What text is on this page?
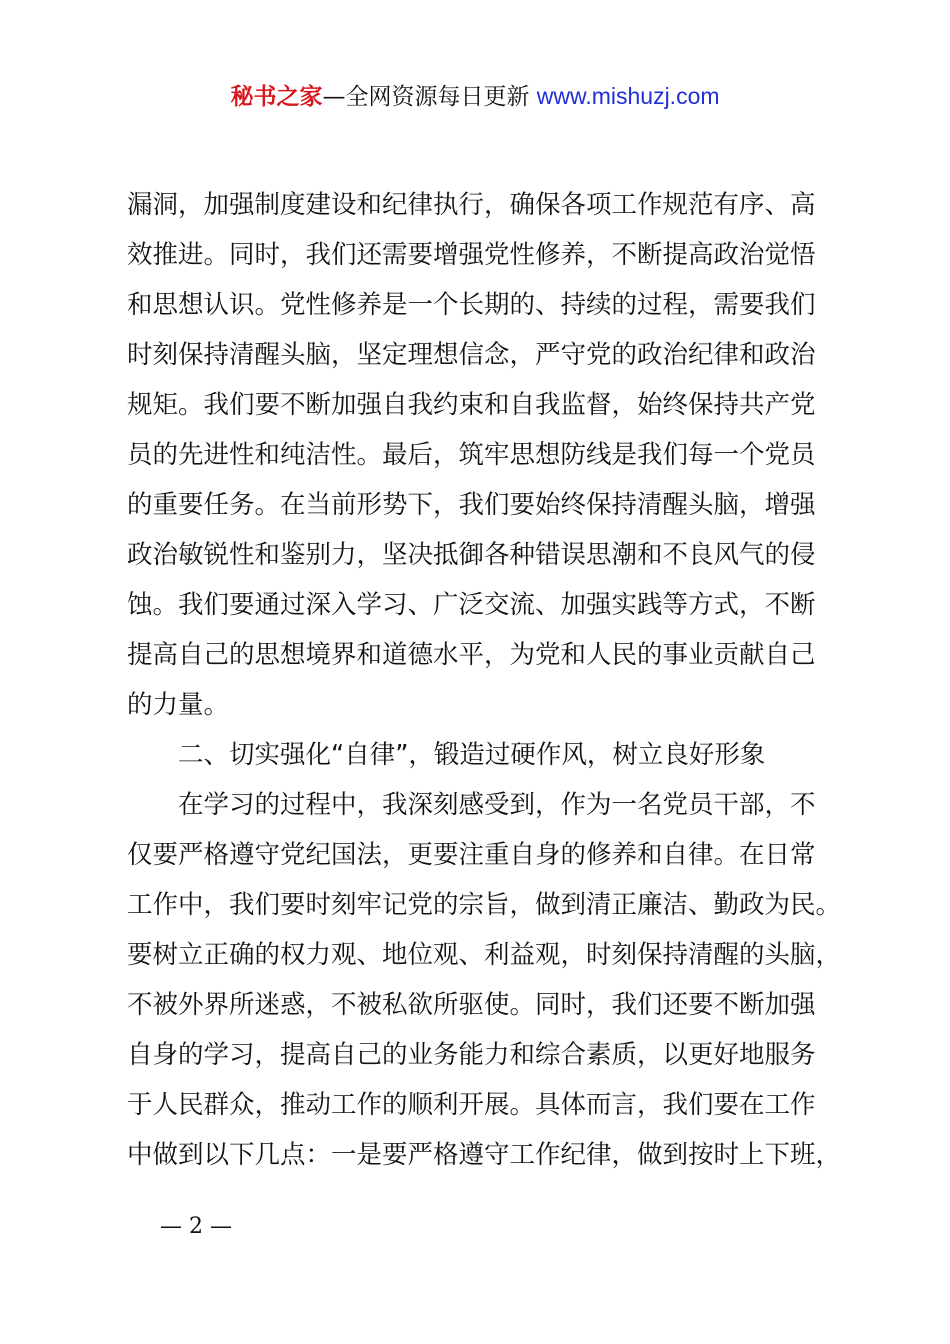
秘书之家—全网资源每日更新 www.mishuzj.com
漏洞，加强制度建设和纪律执行，确保各项工作规范有序、高
效推进。同时，我们还需要增强党性修养，不断提高政治觉悟
和思想认识。党性修养是一个长期的、持续的过程，需要我们
时刻保持清醒头脑，坚定理想信念，严守党的政治纪律和政治
规矩。我们要不断加强自我约束和自我监督，始终保持共产党
员的先进性和纯洁性。最后，筑牢思想防线是我们每一个党员
的重要任务。在当前形势下，我们要始终保持清醒头脑，增强
政治敏锐性和鉴别力，坚决抵御各种错误思潮和不良风气的侵
蚀。我们要通过深入学习、广泛交流、加强实践等方式，不断
提高自己的思想境界和道德水平，为党和人民的事业贡献自己
的力量。
二、切实强化“自律”，锻造过硬作风，树立良好形象
在学习的过程中，我深刻感受到，作为一名党员干部，不
仅要严格遵守党纪国法，更要注重自身的修养和自律。在日常
工作中，我们要时刻牢记党的宗旨，做到清正廉洁、勤政为民。
要树立正确的权力观、地位观、利益观，时刻保持清醒的头脑，
不被外界所迷惑，不被私欲所驱使。同时，我们还要不断加强
自身的学习，提高自己的业务能力和综合素质，以更好地服务
于人民群众，推动工作的顺利开展。具体而言，我们要在工作
中做到以下几点：一是要严格遵守工作纪律，做到按时上下班，
— 2 —
